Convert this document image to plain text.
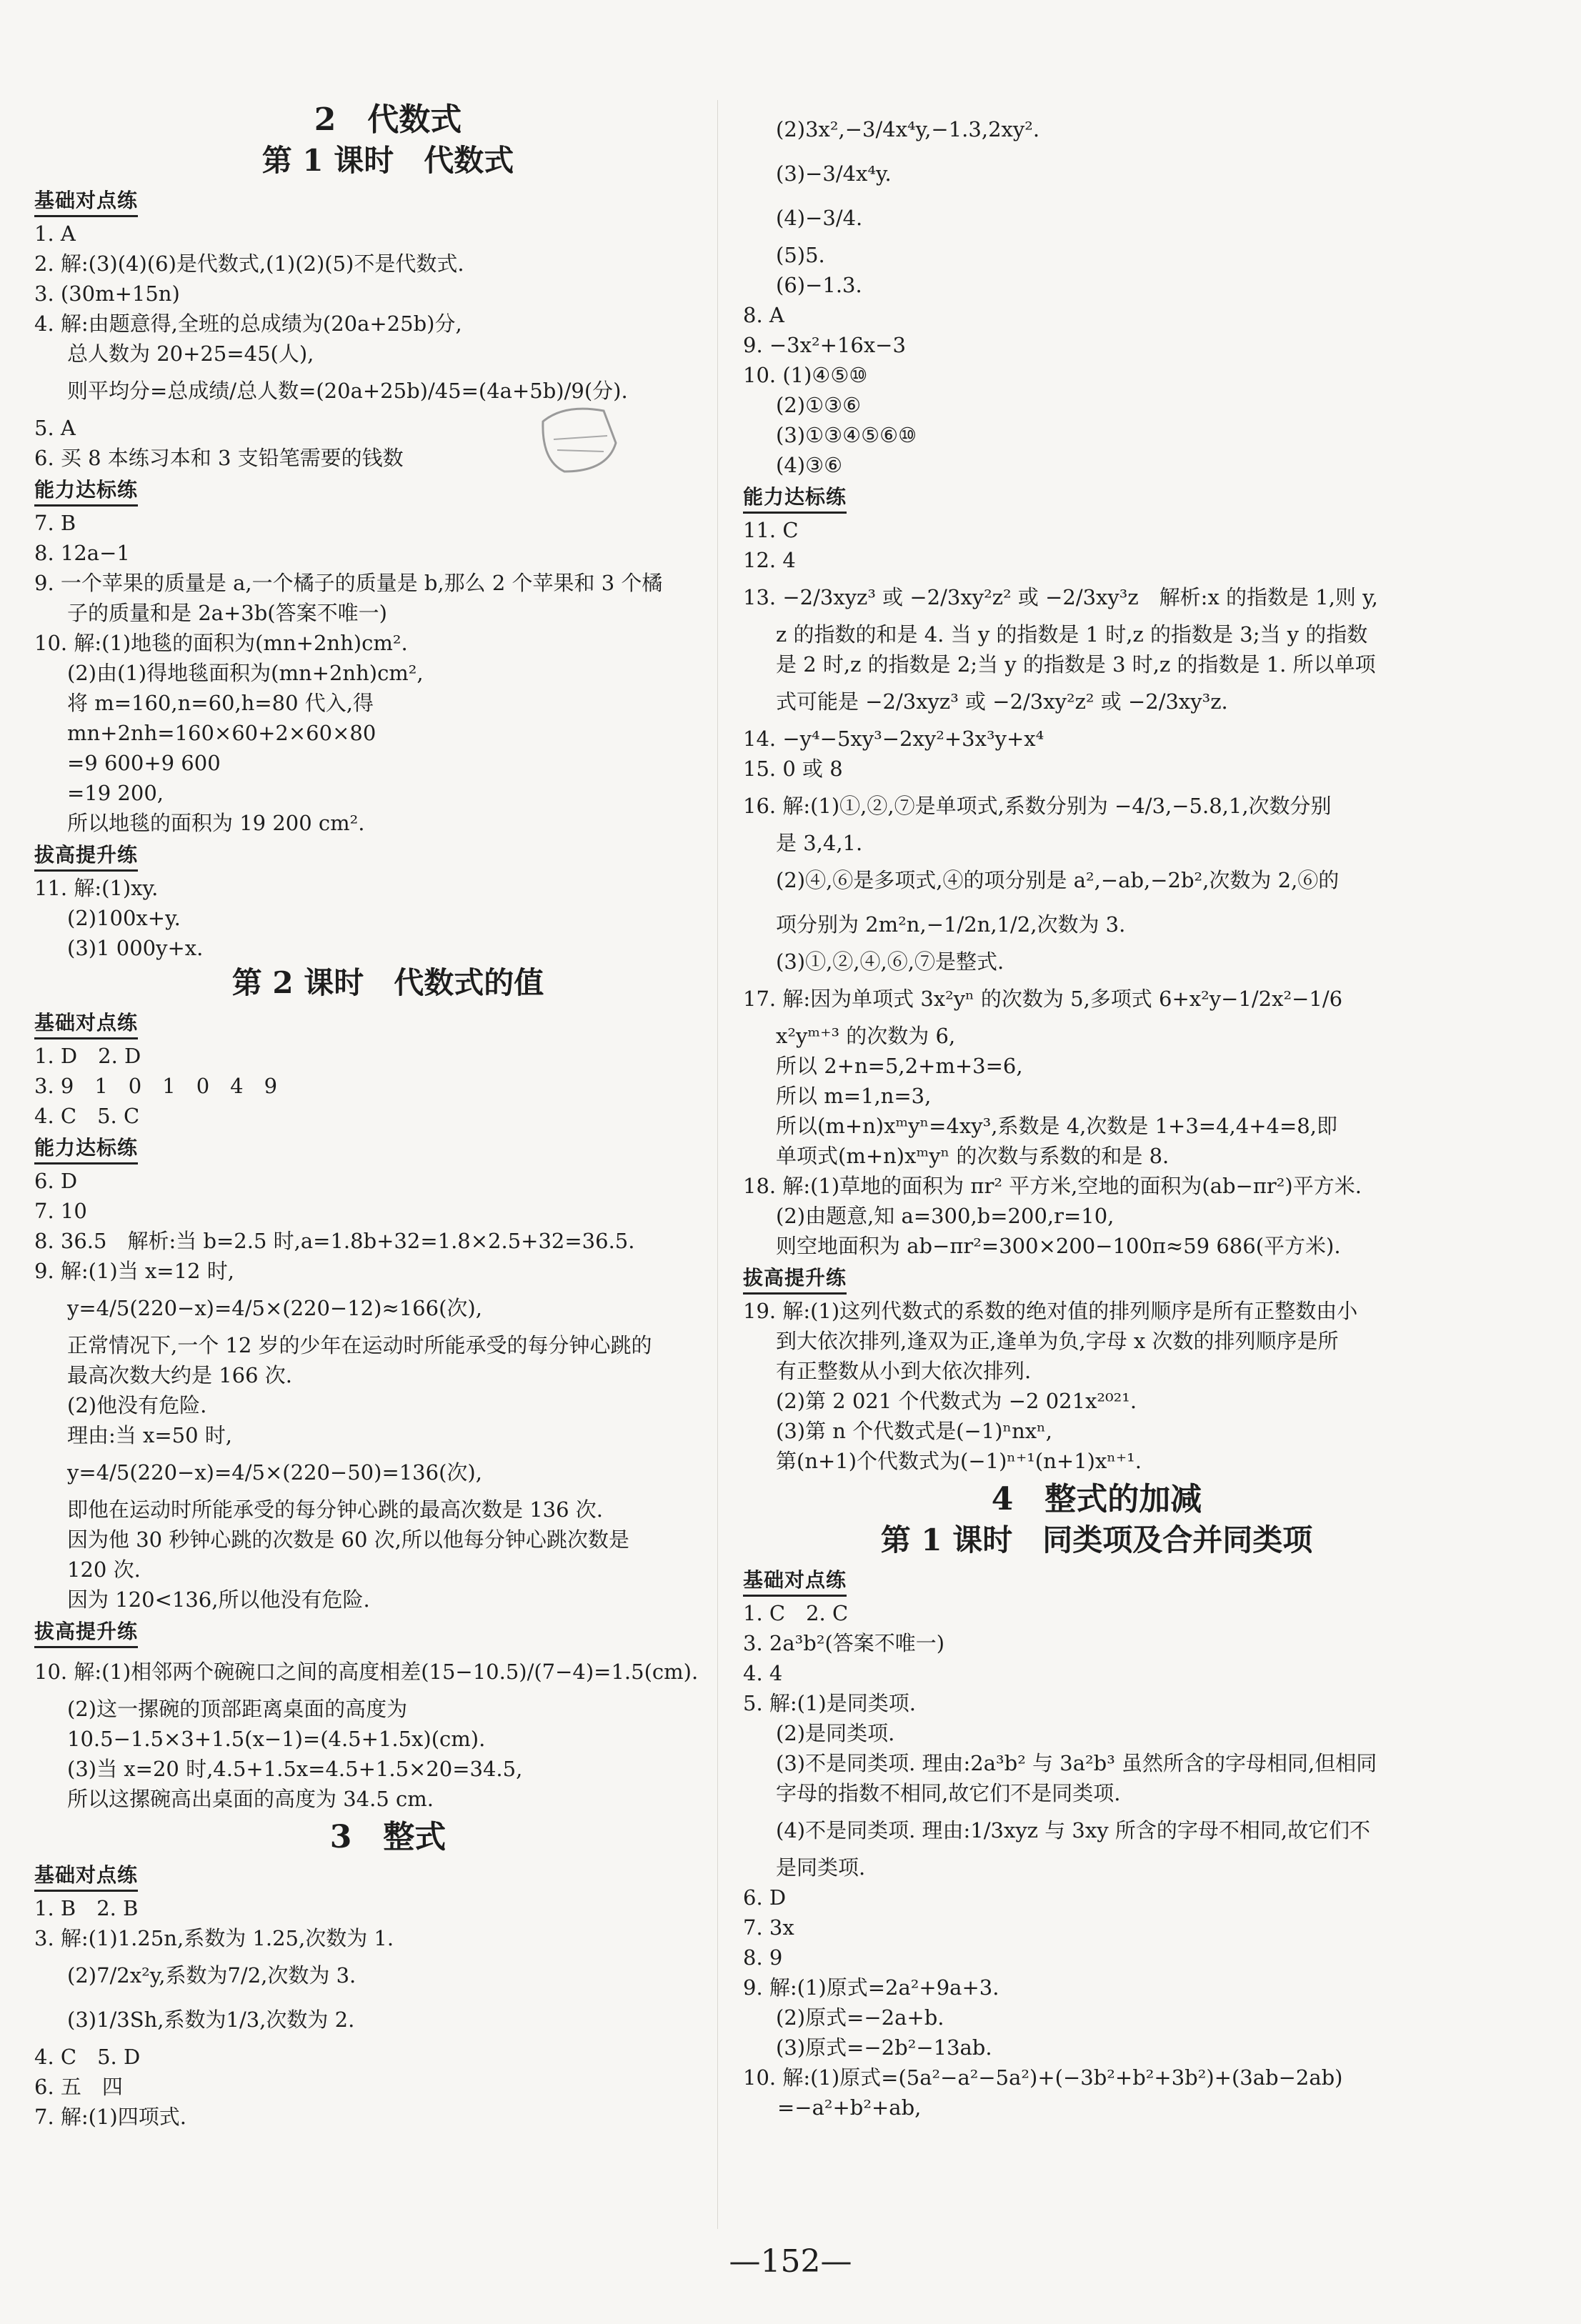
2　代数式
第 1 课时　代数式
基础对点练
1. A
2. 解:(3)(4)(6)是代数式,(1)(2)(5)不是代数式.
3. (30m+15n)
4. 解:由题意得,全班的总成绩为(20a+25b)分,
总人数为 20+25=45(人),
则平均分=总成绩/总人数=(20a+25b)/45=(4a+5b)/9(分).
5. A
6. 买 8 本练习本和 3 支铅笔需要的钱数
能力达标练
7. B
8. 12a−1
9. 一个苹果的质量是 a,一个橘子的质量是 b,那么 2 个苹果和 3 个橘
子的质量和是 2a+3b(答案不唯一)
10. 解:(1)地毯的面积为(mn+2nh)cm².
(2)由(1)得地毯面积为(mn+2nh)cm²,
将 m=160,n=60,h=80 代入,得
mn+2nh=160×60+2×60×80
=9 600+9 600
=19 200,
所以地毯的面积为 19 200 cm².
拔高提升练
11. 解:(1)xy.
(2)100x+y.
(3)1 000y+x.
第 2 课时　代数式的值
基础对点练
1. D　2. D
3. 9　1　0　1　0　4　9
4. C　5. C
能力达标练
6. D
7. 10
8. 36.5　解析:当 b=2.5 时,a=1.8b+32=1.8×2.5+32=36.5.
9. 解:(1)当 x=12 时,
y=4/5(220−x)=4/5×(220−12)≈166(次),
正常情况下,一个 12 岁的少年在运动时所能承受的每分钟心跳的
最高次数大约是 166 次.
(2)他没有危险.
理由:当 x=50 时,
y=4/5(220−x)=4/5×(220−50)=136(次),
即他在运动时所能承受的每分钟心跳的最高次数是 136 次.
因为他 30 秒钟心跳的次数是 60 次,所以他每分钟心跳次数是
120 次.
因为 120<136,所以他没有危险.
拔高提升练
10. 解:(1)相邻两个碗碗口之间的高度相差(15−10.5)/(7−4)=1.5(cm).
(2)这一摞碗的顶部距离桌面的高度为
10.5−1.5×3+1.5(x−1)=(4.5+1.5x)(cm).
(3)当 x=20 时,4.5+1.5x=4.5+1.5×20=34.5,
所以这摞碗高出桌面的高度为 34.5 cm.
3　整式
基础对点练
1. B　2. B
3. 解:(1)1.25n,系数为 1.25,次数为 1.
(2)7/2x²y,系数为7/2,次数为 3.
(3)1/3Sh,系数为1/3,次数为 2.
4. C　5. D
6. 五　四
7. 解:(1)四项式.
(2)3x²,−3/4x⁴y,−1.3,2xy².
(3)−3/4x⁴y.
(4)−3/4.
(5)5.
(6)−1.3.
8. A
9. −3x²+16x−3
10. (1)④⑤⑩
(2)①③⑥
(3)①③④⑤⑥⑩
(4)③⑥
能力达标练
11. C
12. 4
13. −2/3xyz³ 或 −2/3xy²z² 或 −2/3xy³z　解析:x 的指数是 1,则 y,
z 的指数的和是 4. 当 y 的指数是 1 时,z 的指数是 3;当 y 的指数
是 2 时,z 的指数是 2;当 y 的指数是 3 时,z 的指数是 1. 所以单项
式可能是 −2/3xyz³ 或 −2/3xy²z² 或 −2/3xy³z.
14. −y⁴−5xy³−2xy²+3x³y+x⁴
15. 0 或 8
16. 解:(1)①,②,⑦是单项式,系数分别为 −4/3,−5.8,1,次数分别
是 3,4,1.
(2)④,⑥是多项式,④的项分别是 a²,−ab,−2b²,次数为 2,⑥的
项分别为 2m²n,−1/2n,1/2,次数为 3.
(3)①,②,④,⑥,⑦是整式.
17. 解:因为单项式 3x²yⁿ 的次数为 5,多项式 6+x²y−1/2x²−1/6
x²yᵐ⁺³ 的次数为 6,
所以 2+n=5,2+m+3=6,
所以 m=1,n=3,
所以(m+n)xᵐyⁿ=4xy³,系数是 4,次数是 1+3=4,4+4=8,即
单项式(m+n)xᵐyⁿ 的次数与系数的和是 8.
18. 解:(1)草地的面积为 πr² 平方米,空地的面积为(ab−πr²)平方米.
(2)由题意,知 a=300,b=200,r=10,
则空地面积为 ab−πr²=300×200−100π≈59 686(平方米).
拔高提升练
19. 解:(1)这列代数式的系数的绝对值的排列顺序是所有正整数由小
到大依次排列,逢双为正,逢单为负,字母 x 次数的排列顺序是所
有正整数从小到大依次排列.
(2)第 2 021 个代数式为 −2 021x²⁰²¹.
(3)第 n 个代数式是(−1)ⁿnxⁿ,
第(n+1)个代数式为(−1)ⁿ⁺¹(n+1)xⁿ⁺¹.
4　整式的加减
第 1 课时　同类项及合并同类项
基础对点练
1. C　2. C
3. 2a³b²(答案不唯一)
4. 4
5. 解:(1)是同类项.
(2)是同类项.
(3)不是同类项. 理由:2a³b² 与 3a²b³ 虽然所含的字母相同,但相同
字母的指数不相同,故它们不是同类项.
(4)不是同类项. 理由:1/3xyz 与 3xy 所含的字母不相同,故它们不
是同类项.
6. D
7. 3x
8. 9
9. 解:(1)原式=2a²+9a+3.
(2)原式=−2a+b.
(3)原式=−2b²−13ab.
10. 解:(1)原式=(5a²−a²−5a²)+(−3b²+b²+3b²)+(3ab−2ab)
=−a²+b²+ab,
—152—
